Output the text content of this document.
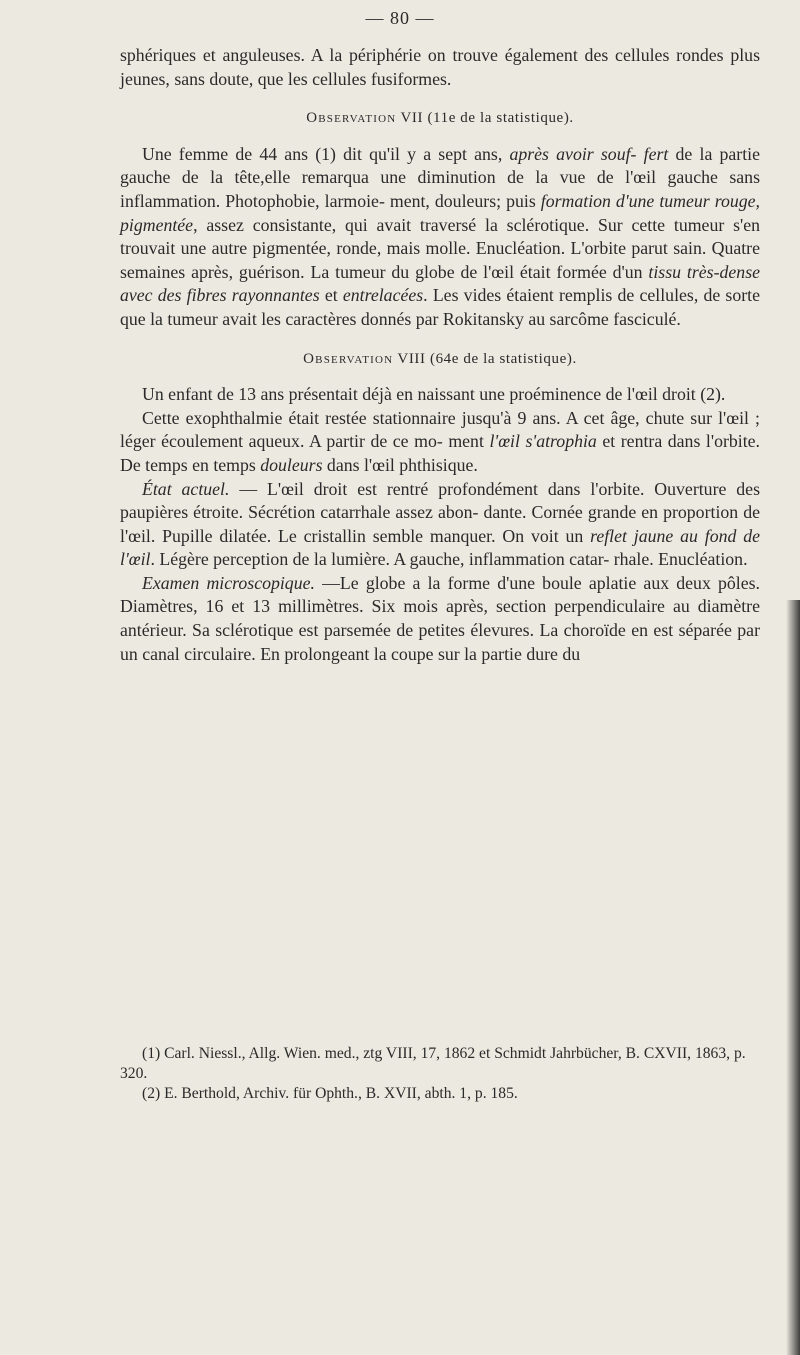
— 80 —

sphériques et anguleuses. A la périphérie on trouve également des cellules rondes plus jeunes, sans doute, que les cellules fusiformes.

Observation VII (11e de la statistique).

Une femme de 44 ans (1) dit qu'il y a sept ans, après avoir souf- fert de la partie gauche de la tête,elle remarqua une diminution de la vue de l'œil gauche sans inflammation. Photophobie, larmoie- ment, douleurs; puis formation d'une tumeur rouge, pigmentée, assez consistante, qui avait traversé la sclérotique. Sur cette tumeur s'en trouvait une autre pigmentée, ronde, mais molle. Enucléation. L'orbite parut sain. Quatre semaines après, guérison. La tumeur du globe de l'œil était formée d'un tissu très-dense avec des fibres rayonnantes et entrelacées. Les vides étaient remplis de cellules, de sorte que la tumeur avait les caractères donnés par Rokitansky au sarcôme fasciculé.

Observation VIII (64e de la statistique).

Un enfant de 13 ans présentait déjà en naissant une proéminence de l'œil droit (2).

Cette exophthalmie était restée stationnaire jusqu'à 9 ans. A cet âge, chute sur l'œil ; léger écoulement aqueux. A partir de ce mo- ment l'œil s'atrophia et rentra dans l'orbite. De temps en temps douleurs dans l'œil phthisique.

État actuel. — L'œil droit est rentré profondément dans l'orbite. Ouverture des paupières étroite. Sécrétion catarrhale assez abon- dante. Cornée grande en proportion de l'œil. Pupille dilatée. Le cristallin semble manquer. On voit un reflet jaune au fond de l'œil. Légère perception de la lumière. A gauche, inflammation catar- rhale. Enucléation.

Examen microscopique. —Le globe a la forme d'une boule aplatie aux deux pôles. Diamètres, 16 et 13 millimètres. Six mois après, section perpendiculaire au diamètre antérieur. Sa sclérotique est parsemée de petites élevures. La choroïde en est séparée par un canal circulaire. En prolongeant la coupe sur la partie dure du

(1) Carl. Niessl., Allg. Wien. med., ztg VIII, 17, 1862 et Schmidt Jahrbücher, B. CXVII, 1863, p. 320.

(2) E. Berthold, Archiv. für Ophth., B. XVII, abth. 1, p. 185.
